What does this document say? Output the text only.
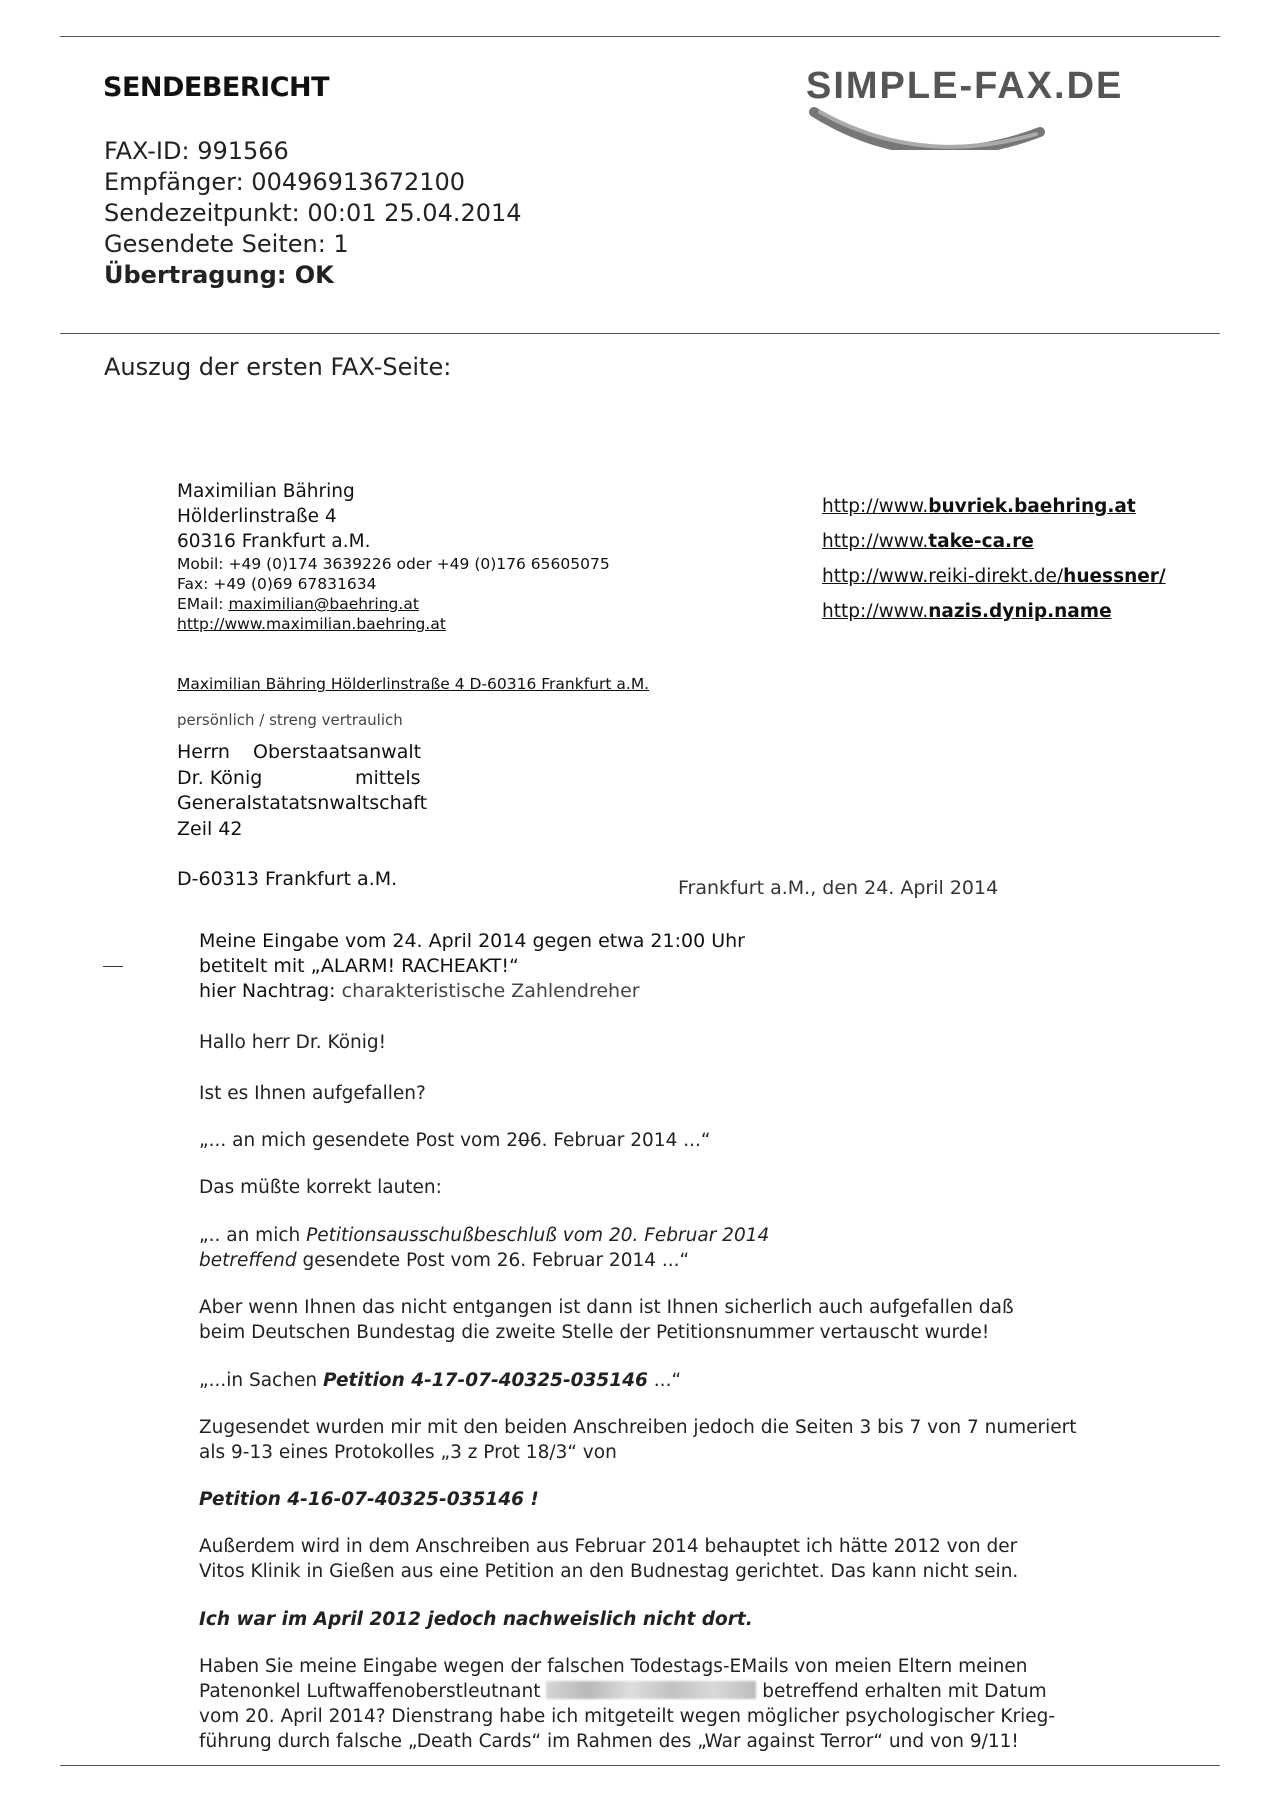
SENDEBERICHT	SIMPLE-FAX.DE
FAX-ID: 991566
Empfänger: 00496913672100
Sendezeitpunkt: 00:01 25.04.2014
Gesendete Seiten: 1
Übertragung: OK
Auszug der ersten FAX-Seite:
Maximilian Bähring
Hölderlinstraße 4
60316 Frankfurt a.M.
Mobil: +49 (0)174 3639226 oder +49 (0)176 65605075
Fax: +49 (0)69 67831634
EMail: maximilian@baehring.at
http://www.maximilian.baehring.at
http://www.buvriek.baehring.at
http://www.take-ca.re
http://www.reiki-direkt.de/huessner/
http://www.nazis.dynip.name
Maximilian Bähring Hölderlinstraße 4 D-60316 Frankfurt a.M.
persönlich / streng vertraulich
Herrn Oberstaatsanwalt
Dr. König	mittels
Generalstatatsnwaltschaft
Zeil 42
D-60313 Frankfurt a.M.	Frankfurt a.M., den 24. April 2014
Meine Eingabe vom 24. April 2014 gegen etwa 21:00 Uhr
betitelt mit „ALARM! RACHEAKT!“
hier Nachtrag: charakteristische Zahlendreher

Hallo herr Dr. König!

Ist es Ihnen aufgefallen?

„... an mich gesendete Post vom 206. Februar 2014 ...“

Das müßte korrekt lauten:

„.. an mich Petitionsausschußbeschluß vom 20. Februar 2014

betreffend gesendete Post vom 26. Februar 2014 ...“

Aber wenn Ihnen das nicht entgangen ist dann ist Ihnen sicherlich auch aufgefallen daß

beim Deutschen Bundestag die zweite Stelle der Petitionsnummer vertauscht wurde!

„...in Sachen Petition 4-17-07-40325-035146 ...“

Zugesendet wurden mir mit den beiden Anschreiben jedoch die Seiten 3 bis 7 von 7 numeriert

als 9-13 eines Protokolles „3 z Prot 18/3“ von

Petition 4-16-07-40325-035146 !

Außerdem wird in dem Anschreiben aus Februar 2014 behauptet ich hätte 2012 von der

Vitos Klinik in Gießen aus eine Petition an den Budnestag gerichtet. Das kann nicht sein.

Ich war im April 2012 jedoch nachweislich nicht dort.

Haben Sie meine Eingabe wegen der falschen Todestags-EMails von meien Eltern meinen

Patenonkel Luftwaffenoberstleutnant	betreffend erhalten mit Datum

vom 20. April 2014? Dienstrang habe ich mitgeteilt wegen möglicher psychologischer Krieg-

führung durch falsche „Death Cards“ im Rahmen des „War against Terror“ und von 9/11!
